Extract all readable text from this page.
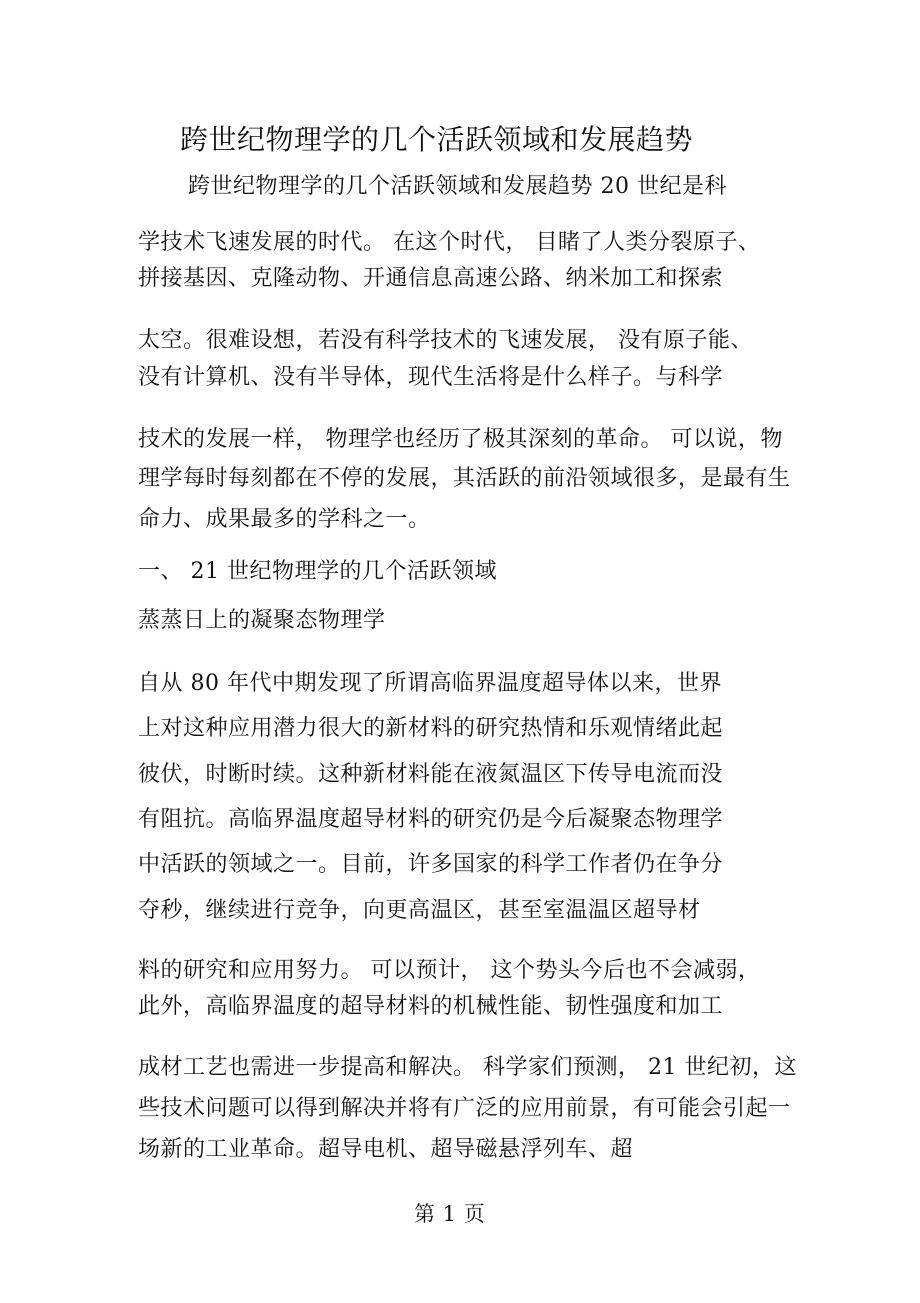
跨世纪物理学的几个活跃领域和发展趋势
跨世纪物理学的几个活跃领域和发展趋势 20 世纪是科
学技术飞速发展的时代。 在这个时代， 目睹了人类分裂原子、
拼接基因、克隆动物、开通信息高速公路、纳米加工和探索
太空。很难设想，若没有科学技术的飞速发展， 没有原子能、
没有计算机、没有半导体，现代生活将是什么样子。与科学
技术的发展一样， 物理学也经历了极其深刻的革命。 可以说，物
理学每时每刻都在不停的发展，其活跃的前沿领域很多，是最有生
命力、成果最多的学科之一。
一、 21 世纪物理学的几个活跃领域
蒸蒸日上的凝聚态物理学
自从 80 年代中期发现了所谓高临界温度超导体以来，世界
上对这种应用潜力很大的新材料的研究热情和乐观情绪此起
彼伏，时断时续。这种新材料能在液氮温区下传导电流而没
有阻抗。高临界温度超导材料的研究仍是今后凝聚态物理学
中活跃的领域之一。目前，许多国家的科学工作者仍在争分
夺秒，继续进行竞争，向更高温区，甚至室温温区超导材
料的研究和应用努力。 可以预计， 这个势头今后也不会减弱，
此外，高临界温度的超导材料的机械性能、韧性强度和加工
成材工艺也需进一步提高和解决。 科学家们预测， 21 世纪初，这
些技术问题可以得到解决并将有广泛的应用前景，有可能会引起一
场新的工业革命。超导电机、超导磁悬浮列车、超
第 1 页
